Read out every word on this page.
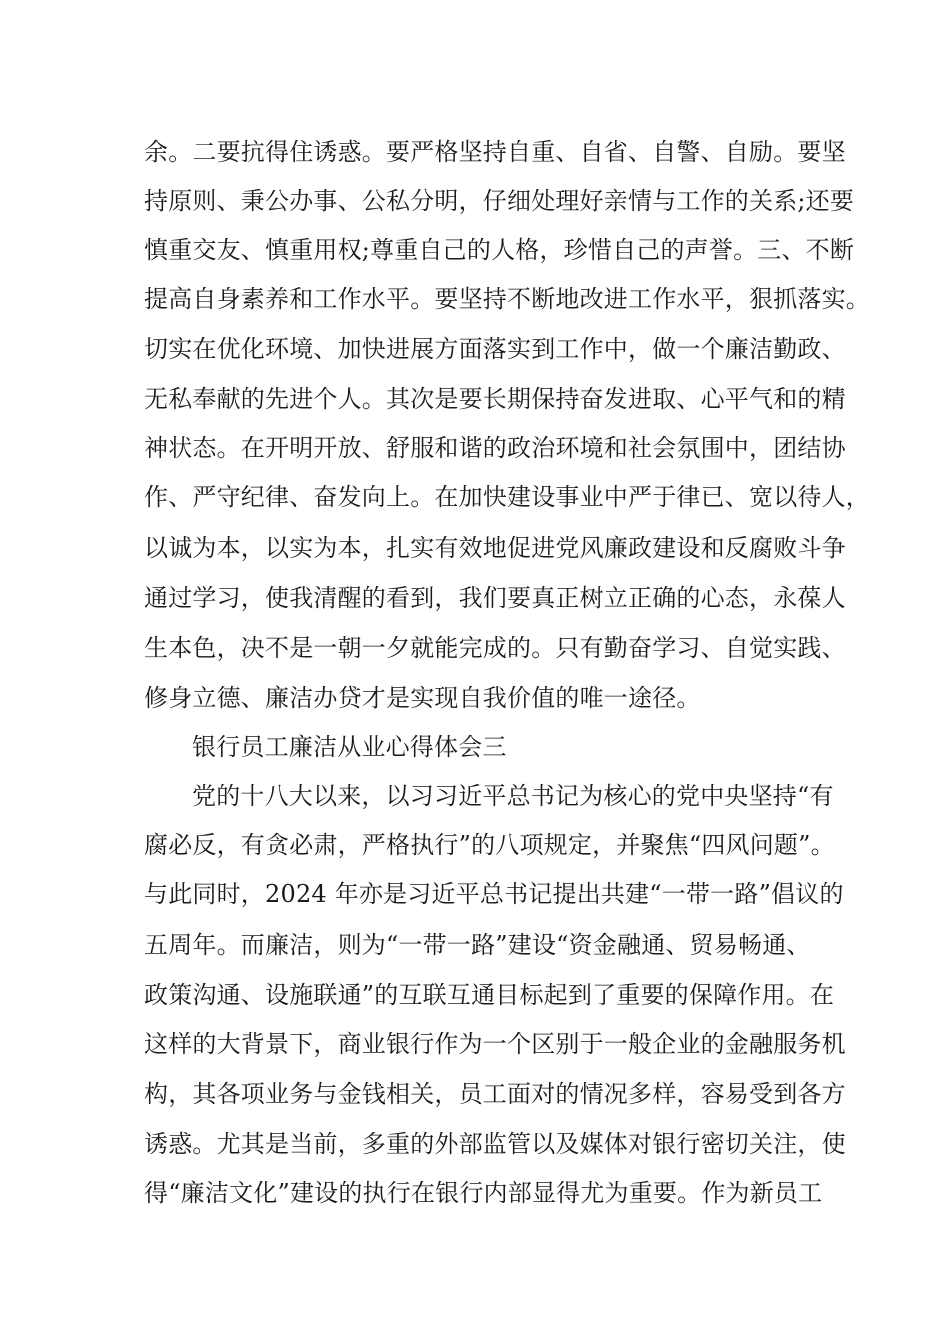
余。二要抗得住诱惑。要严格坚持自重、自省、自警、自励。要坚
持原则、秉公办事、公私分明，仔细处理好亲情与工作的关系;还要
慎重交友、慎重用权;尊重自己的人格，珍惜自己的声誉。三、不断
提高自身素养和工作水平。要坚持不断地改进工作水平，狠抓落实。
切实在优化环境、加快进展方面落实到工作中，做一个廉洁勤政、
无私奉献的先进个人。其次是要长期保持奋发进取、心平气和的精
神状态。在开明开放、舒服和谐的政治环境和社会氛围中，团结协
作、严守纪律、奋发向上。在加快建设事业中严于律已、宽以待人，
以诚为本，以实为本，扎实有效地促进党风廉政建设和反腐败斗争
通过学习，使我清醒的看到，我们要真正树立正确的心态，永葆人
生本色，决不是一朝一夕就能完成的。只有勤奋学习、自觉实践、
修身立德、廉洁办贷才是实现自我价值的唯一途径。
银行员工廉洁从业心得体会三
党的十八大以来，以习习近平总书记为核心的党中央坚持“有
腐必反，有贪必肃，严格执行”的八项规定，并聚焦“四风问题”。
与此同时，2024 年亦是习近平总书记提出共建“一带一路”倡议的
五周年。而廉洁，则为“一带一路”建设“资金融通、贸易畅通、
政策沟通、设施联通”的互联互通目标起到了重要的保障作用。在
这样的大背景下，商业银行作为一个区别于一般企业的金融服务机
构，其各项业务与金钱相关，员工面对的情况多样，容易受到各方
诱惑。尤其是当前，多重的外部监管以及媒体对银行密切关注，使
得“廉洁文化”建设的执行在银行内部显得尤为重要。作为新员工
